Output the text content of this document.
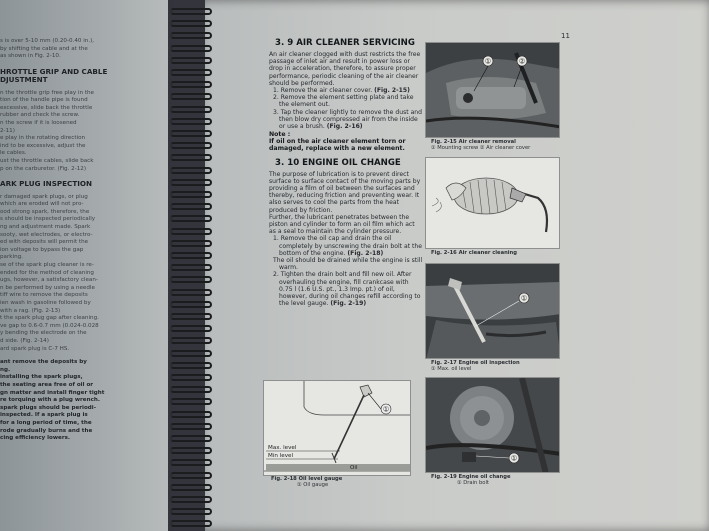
s is over 5-10 mm (0.20-0.40 in.),
by shifting the cable and at the
as shown in Fig. 2-10.
HROTTLE GRIP AND CABLE
DJUSTMENT
n the throttle grip free play in the
tion of the handle pipe is found
excessive, slide back the throttle
rubber and check the screw.
n the screw if it is loosened
2-11)
e play in the rotating direction
ind to be excessive, adjust the
le cables.
ust the throttle cables, slide back
p on the carburetor. (Fig. 2-12)
ARK PLUG INSPECTION
r damaged spark plugs, or plug
which are eroded will not pro-
ood strong spark, therefore, the
s should be inspected periodically
ng and adjustment made. Spark
sooty, wet electrodes, or electro-
ed with deposits will permit the
ion voltage to bypass the gap
parking.
se of the spark plug cleaner is re-
ended for the method of cleaning
ugs, however, a satisfactory clean-
n be performed by using a needle
tiff wire to remove the deposits
ien wash in gasoline followed by
with a rag. (Fig. 2-13)
t the spark plug gap after cleaning.
ve gap to 0.6-0.7 mm (0.024-0.028
y bending the electrode on the
d side. (Fig. 2-14)
ard spark plug is C-7 HS.
ant remove the deposits by
ng.
installing the spark plugs,
the seating area free of oil or
gn matter and install finger tight
re torquing with a plug wrench.
spark plugs should be periodi-
inspected. If a spark plug is
for a long period of time, the
rode gradually burns and the
cing efficiency lowers.
11
3. 9 AIR CLEANER SERVICING
An air cleaner clogged with dust restricts the free passage of inlet air and result in power loss or drop in acceleration, therefore, to assure proper performance, periodic cleaning of the air cleaner should be performed.
1. Remove the air cleaner cover. (Fig. 2-15)
2. Remove the element setting plate and take the element out.
3. Tap the cleaner lightly to remove the dust and then blow dry compressed air from the inside or use a brush. (Fig. 2-16)
Note :
If oil on the air cleaner element torn or damaged, replace with a new element.
3. 10 ENGINE OIL CHANGE
The purpose of lubrication is to prevent direct surface to surface contact of the moving parts by providing a film of oil between the surfaces and thereby, reducing friction and preventing wear. It also serves to cool the parts from the heat produced by friction.
Further, the lubricant penetrates between the piston and cylinder to form an oil film which act as a seal to maintain the cylinder pressure.
1. Remove the oil cap and drain the oil completely by unscrewing the drain bolt at the bottom of the engine. (Fig. 2-18)
The oil should be drained while the engine is still warm.
2. Tighten the drain bolt and fill new oil. After overhauling the engine, fill crankcase with 0.75 l (1.6 U.S. pt., 1.3 Imp. pt.) of oil, however, during oil changes refill according to the level gauge. (Fig. 2-19)
①	②
Fig. 2-15 Air cleaner removal
① Mounting screw ② Air cleaner cover
Fig. 2-16 Air cleaner cleaning
①
Fig. 2-17 Engine oil inspection
① Max. oil level
Max. level
Min level
Oil
①
Fig. 2-18 Oil level gauge
① Oil gauge
①
Fig. 2-19 Engine oil change
① Drain bolt
